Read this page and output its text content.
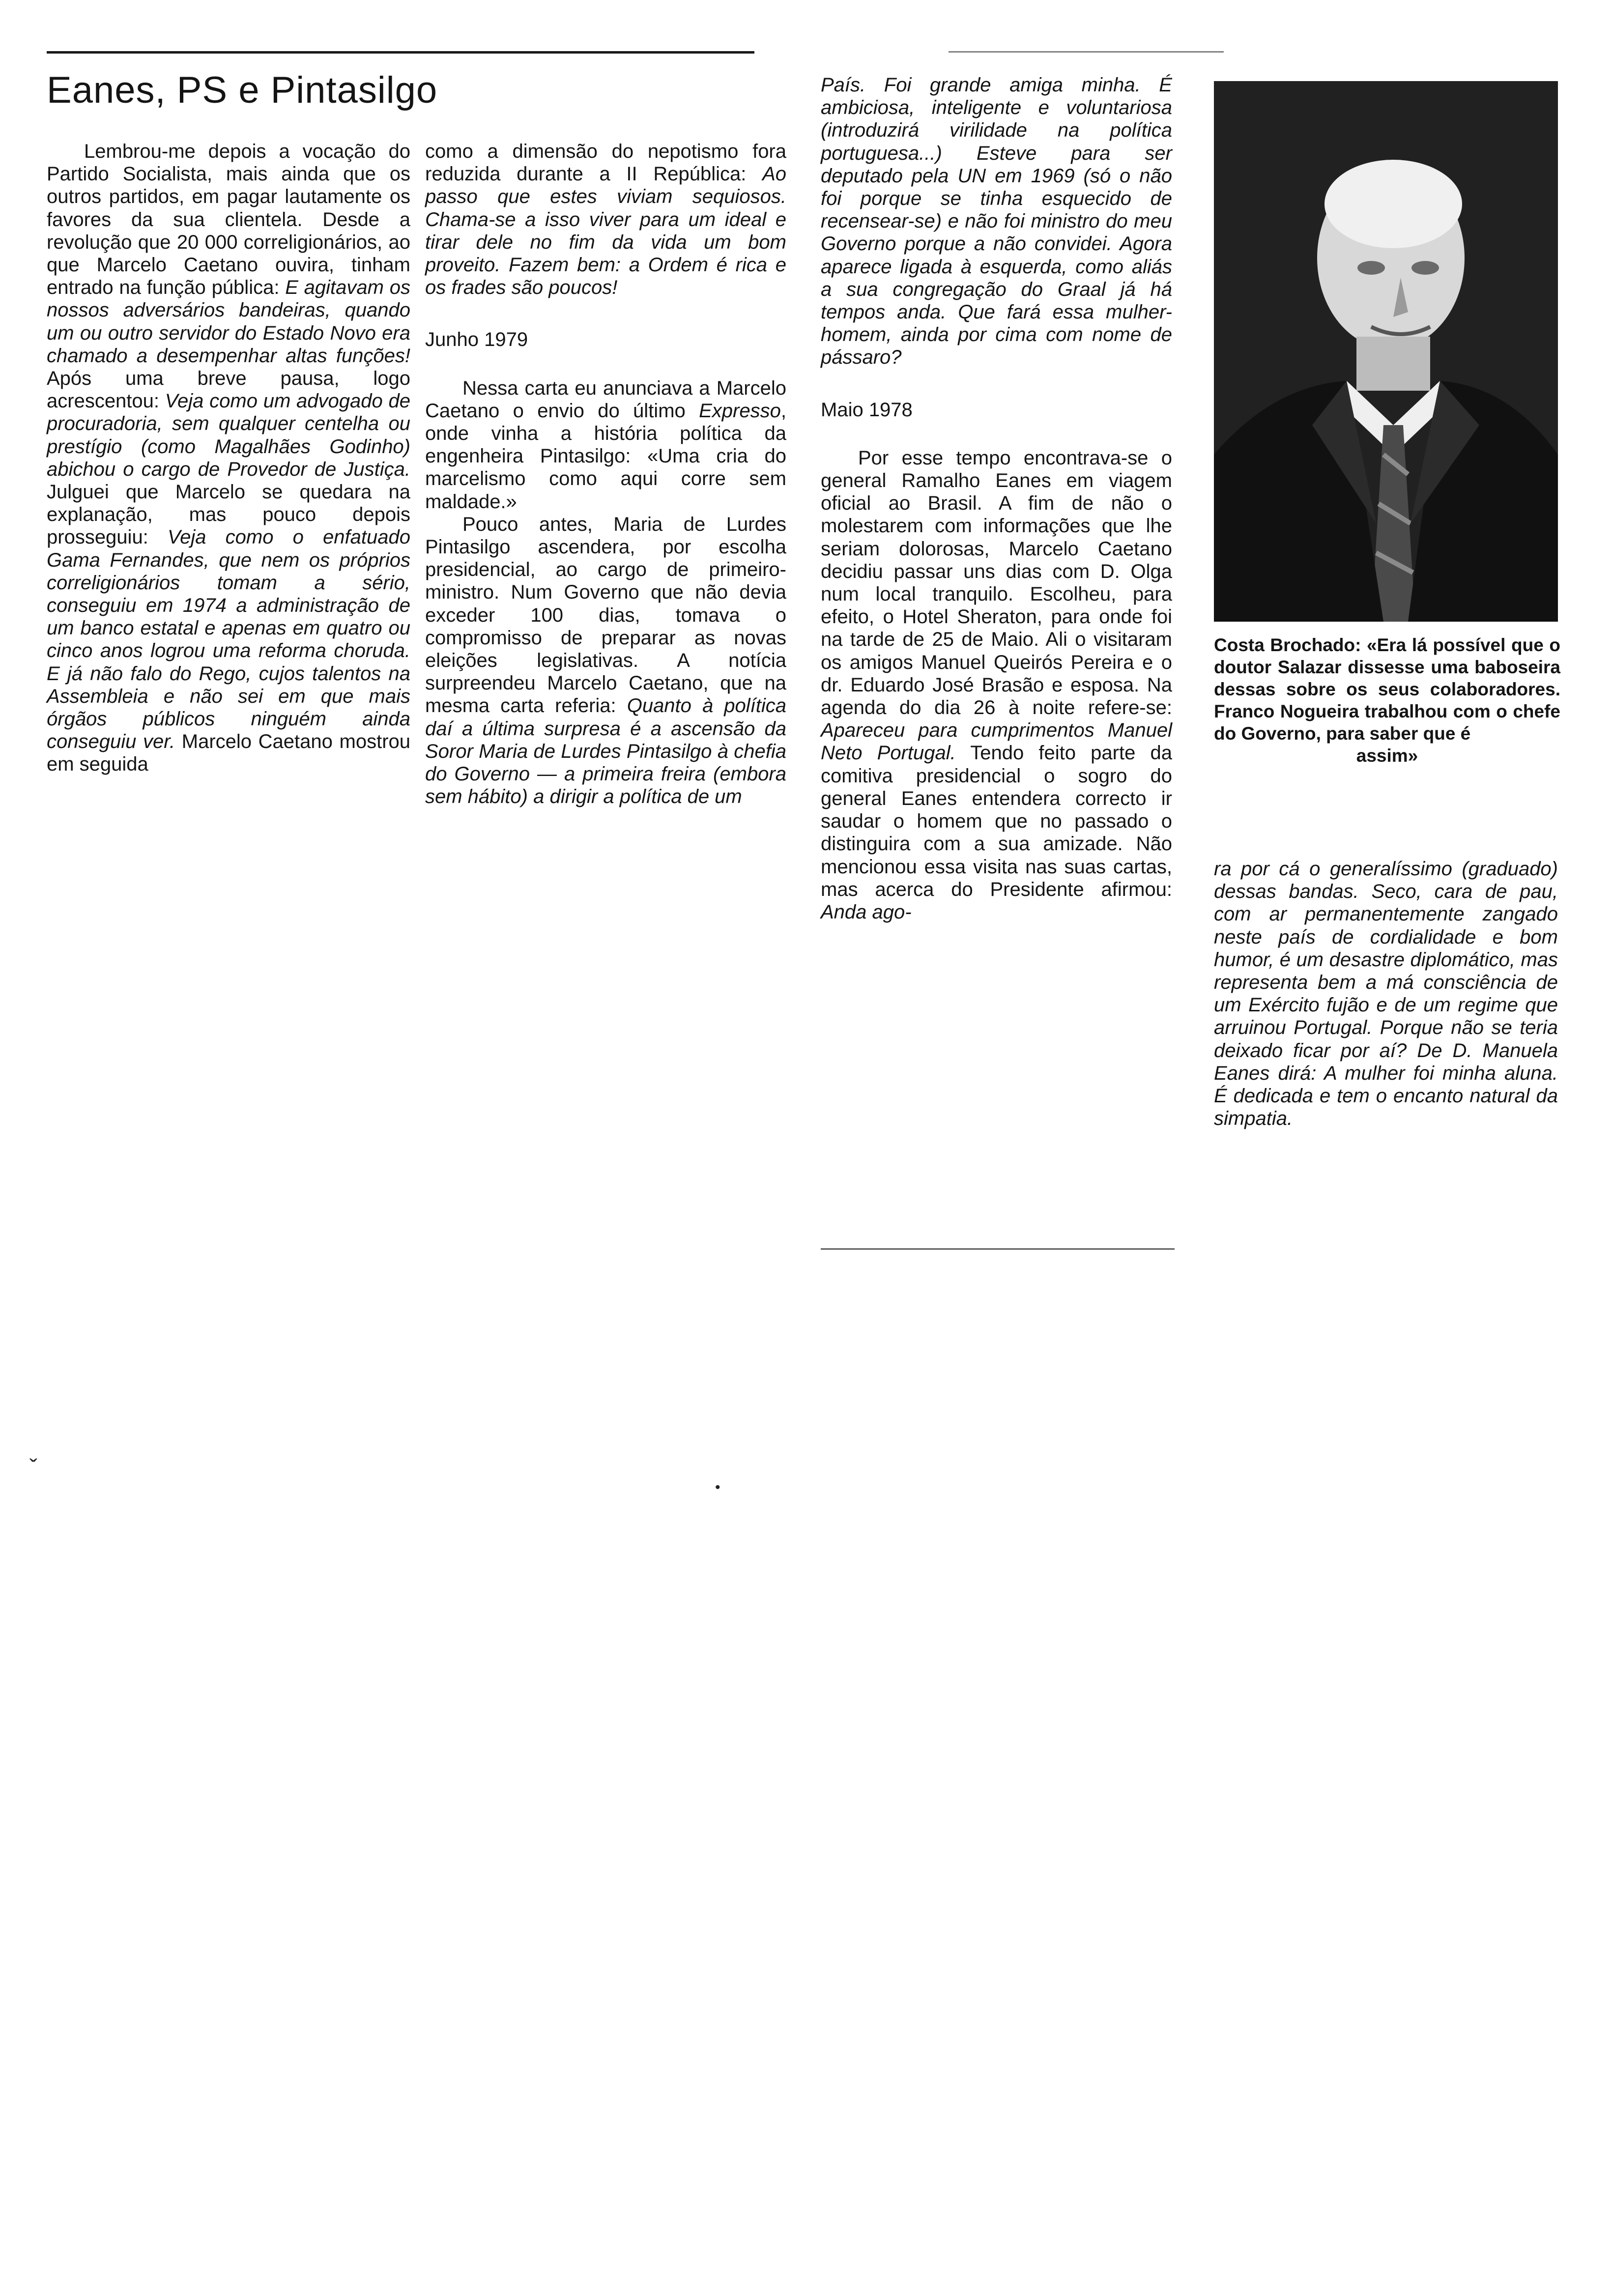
Eanes, PS e Pintasilgo

Lembrou-me depois a vocação do Partido Socialista, mais ainda que os outros partidos, em pagar lautamente os favores da sua clientela. Desde a revolução que 20 000 correligionários, ao que Marcelo Caetano ouvira, tinham entrado na função pública: E agitavam os nossos adversários bandeiras, quando um ou outro servidor do Estado Novo era chamado a desempenhar altas funções! Após uma breve pausa, logo acrescentou: Veja como um advogado de procuradoria, sem qualquer centelha ou prestígio (como Magalhães Godinho) abichou o cargo de Provedor de Justiça. Julguei que Marcelo se quedara na explanação, mas pouco depois prosseguiu: Veja como o enfatuado Gama Fernandes, que nem os próprios correligionários tomam a sério, conseguiu em 1974 a administração de um banco estatal e apenas em quatro ou cinco anos logrou uma reforma chorudа. E já não falo do Rego, cujos talentos na Assembleia e não sei em que mais órgãos públicos ninguém ainda conseguiu ver. Marcelo Caetano mostrou em seguida

como a dimensão do nepotismo fora reduzida durante a II República: Ao passo que estes viviam sequiosos. Chama-se a isso viver para um ideal e tirar dele no fim da vida um bom proveito. Fazem bem: a Ordem é rica e os frades são poucos!

Junho 1979

Nessa carta eu anunciava a Marcelo Caetano o envio do último Expresso, onde vinha a história política da engenheira Pintasilgo: «Uma cria do marcelismo como aqui corre sem maldade.»

Pouco antes, Maria de Lurdes Pintasilgo ascendera, por escolha presidencial, ao cargo de primeiro-ministro. Num Governo que não devia exceder 100 dias, tomava o compromisso de preparar as novas eleições legislativas. A notícia surpreendeu Marcelo Caetano, que na mesma carta referia: Quanto à política daí a última surpresa é a ascensão da Soror Maria de Lurdes Pintasilgo à chefia do Governo — a primeira freira (embora sem hábito) a dirigir a política de um

País. Foi grande amiga minha. É ambiciosa, inteligente e voluntariosa (introduzirá virilidade na política portuguesa...) Esteve para ser deputado pela UN em 1969 (só o não foi porque se tinha esquecido de recensear-se) e não foi ministro do meu Governo porque a não convidei. Agora aparece ligada à esquerda, como aliás a sua congregação do Graal já há tempos anda. Que fará essa mulher-homem, ainda por cima com nome de pássaro?

Maio 1978

Por esse tempo encontrava-se o general Ramalho Eanes em viagem oficial ao Brasil. A fim de não o molestarem com informações que lhe seriam dolorosas, Marcelo Caetano decidiu passar uns dias com D. Olga num local tranquilo. Escolheu, para efeito, o Hotel Sheraton, para onde foi na tarde de 25 de Maio. Ali o visitaram os amigos Manuel Queirós Pereira e o dr. Eduardo José Brasão e esposa. Na agenda do dia 26 à noite refere-se: Apareceu para cumprimentos Manuel Neto Portugal. Tendo feito parte da comitiva presidencial o sogro do general Eanes entendera correcto ir saudar o homem que no passado o distinguira com a sua amizade. Não mencionou essa visita nas suas cartas, mas acerca do Presidente afirmou: Anda ago-

Costa Brochado: «Era lá possível que o doutor Salazar dissesse uma baboseira dessas sobre os seus colaboradores. Franco Nogueira trabalhou com o chefe do Governo, para saber que é
assim»

ra por cá o generalíssimo (graduado) dessas bandas. Seco, cara de pau, com ar permanentemente zangado neste país de cordialidade e bom humor, é um desastre diplomático, mas representa bem a má consciência de um Exército fujão e de um regime que arruinou Portugal. Porque não se teria deixado ficar por aí? De D. Manuela Eanes dirá: A mulher foi minha aluna. É dedicada e tem o encanto natural da simpatia.

ˇ
•
